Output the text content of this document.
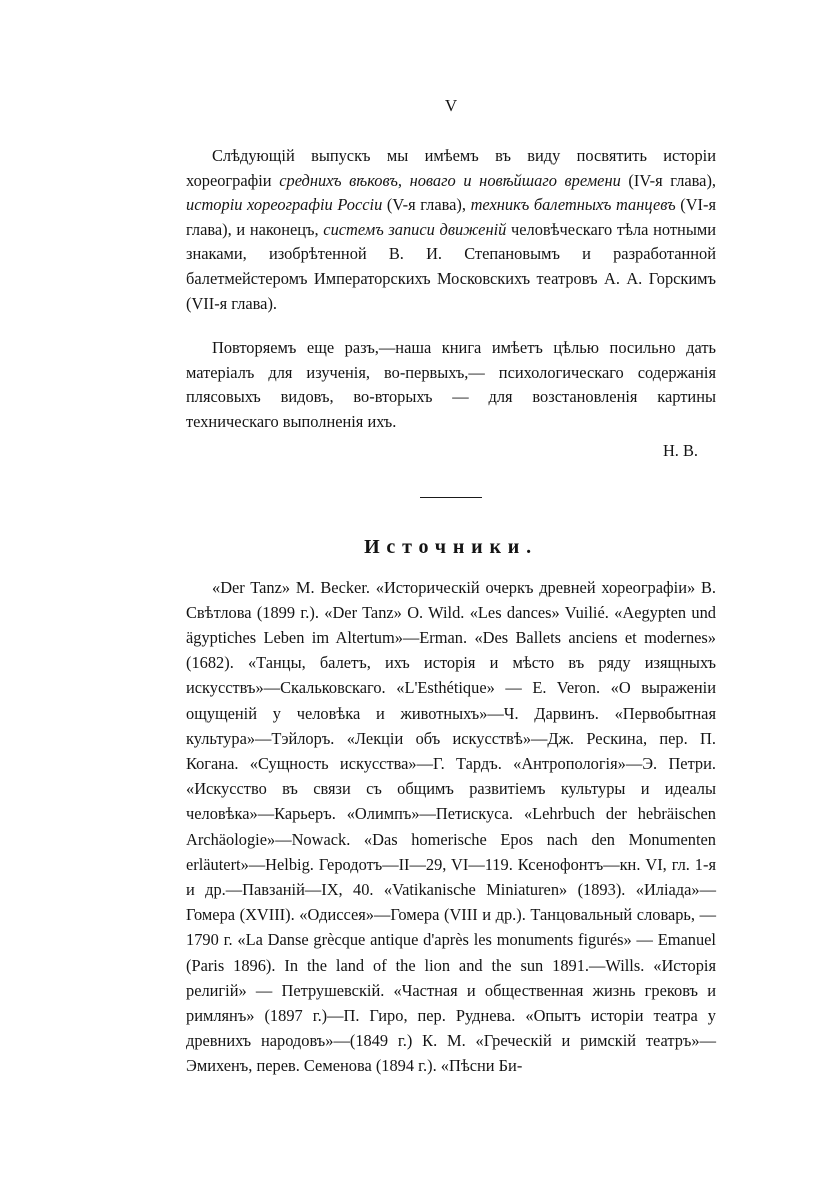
V

Слѣдующій выпускъ мы имѣемъ въ виду посвятить исторіи хореографіи среднихъ вѣковъ, новаго и новѣйшаго времени (IV-я глава), исторіи хореографіи Россіи (V-я глава), техникъ балетныхъ танцевъ (VI-я глава), и наконецъ, системъ записи движеній человѣческаго тѣла нотными знаками, изобрѣтенной В. И. Степановымъ и разработанной балетмейстеромъ Императорскихъ Московскихъ театровъ А. А. Горскимъ (VII-я глава).

Повторяемъ еще разъ,—наша книга имѣетъ цѣлью посильно дать матеріалъ для изученія, во-первыхъ,— психологическаго содержанія плясовыхъ видовъ, во-вторыхъ — для возстановленія картины техническаго выполненія ихъ.

Н. В.
Источники.

«Der Tanz» M. Becker. «Историческій очеркъ древней хореографіи» В. Свѣтлова (1899 г.). «Der Tanz» O. Wild. «Les dances» Vuilié. «Aegypten und ägyptiches Leben im Altertum»—Erman. «Des Ballets anciens et modernes» (1682). «Танцы, балетъ, ихъ исторія и мѣсто въ ряду изящныхъ искусствъ»—Скальковскаго. «L'Esthétique» — E. Veron. «О выраженіи ощущеній у человѣка и животныхъ»—Ч. Дарвинъ. «Первобытная культура»—Тэйлоръ. «Лекціи объ искусствѣ»—Дж. Рескина, пер. П. Когана. «Сущность искусства»—Г. Тардъ. «Антропологія»—Э. Петри. «Искусство въ связи съ общимъ развитіемъ культуры и идеалы человѣка»—Карьеръ. «Олимпъ»—Петискуса. «Lehrbuch der hebräischen Archäologie»—Nowack. «Das homerische Epos nach den Monumenten erläutert»—Helbig. Геродотъ—II—29, VI—119. Ксенофонтъ—кн. VI, гл. 1-я и др.—Павзаній—IX, 40. «Vatikanische Miniaturen» (1893). «Иліада»—Гомера (XVIII). «Одиссея»—Гомера (VIII и др.). Танцовальный словарь, — 1790 г. «La Danse grècque antique d'après les monuments figurés» — Emanuel (Paris 1896). In the land of the lion and the sun 1891.—Wills. «Исторія религій» — Петрушевскій. «Частная и общественная жизнь грековъ и римлянъ» (1897 г.)—П. Гиро, пер. Руднева. «Опытъ исторіи театра у древнихъ народовъ»—(1849 г.) К. М. «Греческій и римскій театръ»—Эмихенъ, перев. Семенова (1894 г.). «Пѣсни Би-
